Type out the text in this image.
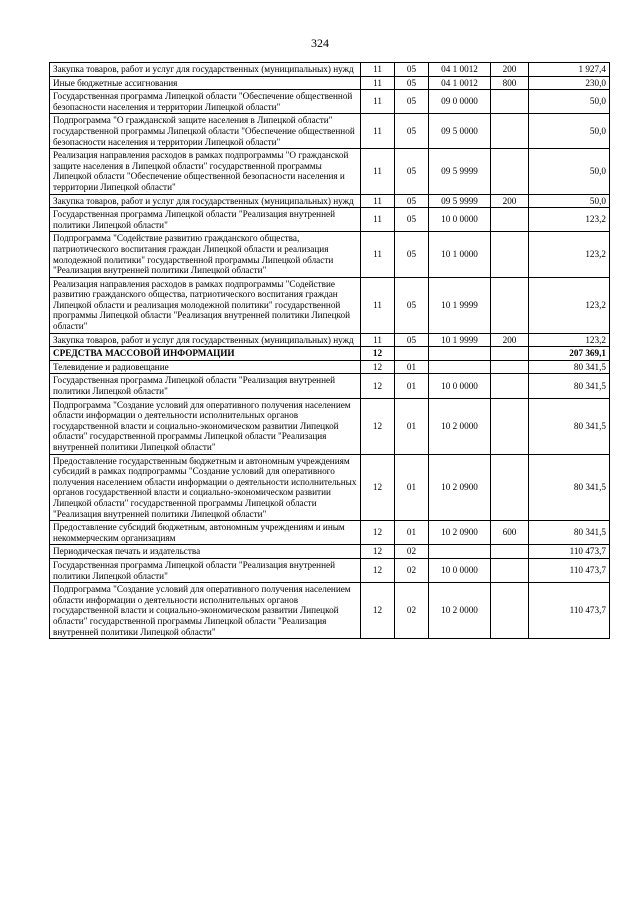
324
Закупка товаров, работ и услуг для государственных (муниципальных) нужд	11	05	04 1 0012	200	1 927,4
Иные бюджетные ассигнования	11	05	04 1 0012	800	230,0
Государственная программа Липецкой области "Обеспечение общественной безопасности населения и территории Липецкой области"	11	05	09 0 0000		50,0
Подпрограмма "О гражданской защите населения в Липецкой области" государственной программы Липецкой области "Обеспечение общественной безопасности населения и территории Липецкой области"	11	05	09 5 0000		50,0
Реализация направления расходов в рамках подпрограммы "О гражданской защите населения в Липецкой области" государственной программы Липецкой области "Обеспечение общественной безопасности населения и территории Липецкой области"	11	05	09 5 9999		50,0
Закупка товаров, работ и услуг для государственных (муниципальных) нужд	11	05	09 5 9999	200	50,0
Государственная программа Липецкой области "Реализация внутренней политики Липецкой области"	11	05	10 0 0000		123,2
Подпрограмма "Содействие развитию гражданского общества, патриотического воспитания граждан Липецкой области и реализация молодежной политики" государственной программы Липецкой области "Реализация внутренней политики Липецкой области"	11	05	10 1 0000		123,2
Реализация направления расходов в рамках подпрограммы "Содействие развитию гражданского общества, патриотического воспитания граждан Липецкой области и реализация молодежной политики" государственной программы Липецкой области "Реализация внутренней политики Липецкой области"	11	05	10 1 9999		123,2
Закупка товаров, работ и услуг для государственных (муниципальных) нужд	11	05	10 1 9999	200	123,2
СРЕДСТВА МАССОВОЙ ИНФОРМАЦИИ	12				207 369,1
Телевидение и радиовещание	12	01			80 341,5
Государственная программа Липецкой области "Реализация внутренней политики Липецкой области"	12	01	10 0 0000		80 341,5
Подпрограмма "Создание условий для оперативного получения населением области информации о деятельности исполнительных органов государственной власти и социально-экономическом развитии Липецкой области" государственной программы Липецкой области "Реализация внутренней политики Липецкой области"	12	01	10 2 0000		80 341,5
Предоставление государственным бюджетным и автономным учреждениям субсидий в рамках подпрограммы "Создание условий для оперативного получения населением области информации о деятельности исполнительных органов государственной власти и социально-экономическом развитии Липецкой области" государственной программы Липецкой области "Реализация внутренней политики Липецкой области"	12	01	10 2 0900		80 341,5
Предоставление субсидий бюджетным, автономным учреждениям и иным некоммерческим организациям	12	01	10 2 0900	600	80 341,5
Периодическая печать и издательства	12	02			110 473,7
Государственная программа Липецкой области "Реализация внутренней политики Липецкой области"	12	02	10 0 0000		110 473,7
Подпрограмма "Создание условий для оперативного получения населением области информации о деятельности исполнительных органов государственной власти и социально-экономическом развитии Липецкой области" государственной программы Липецкой области "Реализация внутренней политики Липецкой области"	12	02	10 2 0000		110 473,7
